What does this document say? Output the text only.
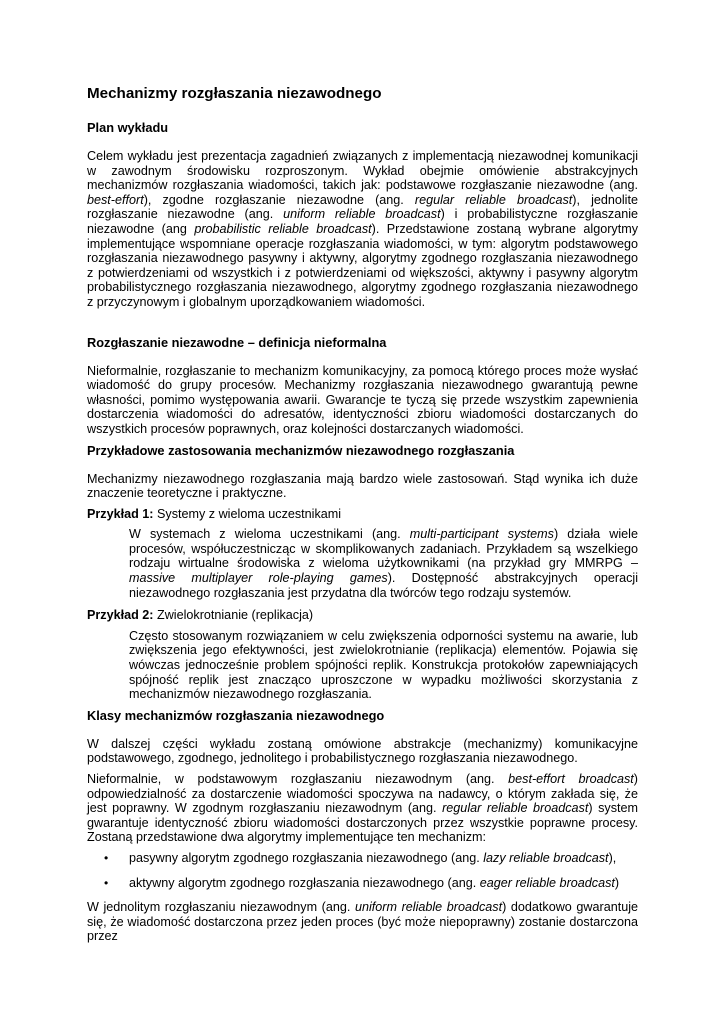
Mechanizmy rozgłaszania niezawodnego
Plan wykładu

Celem wykładu jest prezentacja zagadnień związanych z implementacją niezawodnej komunikacji w zawodnym środowisku rozproszonym. Wykład obejmie omówienie abstrakcyjnych mechanizmów rozgłaszania wiadomości, takich jak: podstawowe rozgłaszanie niezawodne (ang. best-effort), zgodne rozgłaszanie niezawodne (ang. regular reliable broadcast), jednolite rozgłaszanie niezawodne (ang. uniform reliable broadcast) i probabilistyczne rozgłaszanie niezawodne (ang probabilistic reliable broadcast). Przedstawione zostaną wybrane algorytmy implementujące wspomniane operacje rozgłaszania wiadomości, w tym: algorytm podstawowego rozgłaszania niezawodnego pasywny i aktywny, algorytmy zgodnego rozgłaszania niezawodnego z potwierdzeniami od wszystkich i z potwierdzeniami od większości, aktywny i pasywny algorytm probabilistycznego rozgłaszania niezawodnego, algorytmy zgodnego rozgłaszania niezawodnego z przyczynowym i globalnym uporządkowaniem wiadomości.

Rozgłaszanie niezawodne – definicja nieformalna

Nieformalnie, rozgłaszanie to mechanizm komunikacyjny, za pomocą którego proces może wysłać wiadomość do grupy procesów. Mechanizmy rozgłaszania niezawodnego gwarantują pewne własności, pomimo występowania awarii. Gwarancje te tyczą się przede wszystkim zapewnienia dostarczenia wiadomości do adresatów, identyczności zbioru wiadomości dostarczanych do wszystkich procesów poprawnych, oraz kolejności dostarczanych wiadomości.

Przykładowe zastosowania mechanizmów niezawodnego rozgłaszania

Mechanizmy niezawodnego rozgłaszania mają bardzo wiele zastosowań. Stąd wynika ich duże znaczenie teoretyczne i praktyczne.

Przykład 1: Systemy z wieloma uczestnikami

W systemach z wieloma uczestnikami (ang. multi-participant systems) działa wiele procesów, współuczestnicząc w skomplikowanych zadaniach. Przykładem są wszelkiego rodzaju wirtualne środowiska z wieloma użytkownikami (na przykład gry MMRPG – massive multiplayer role-playing games). Dostępność abstrakcyjnych operacji niezawodnego rozgłaszania jest przydatna dla twórców tego rodzaju systemów.

Przykład 2: Zwielokrotnianie (replikacja)

Często stosowanym rozwiązaniem w celu zwiększenia odporności systemu na awarie, lub zwiększenia jego efektywności, jest zwielokrotnianie (replikacja) elementów. Pojawia się wówczas jednocześnie problem spójności replik. Konstrukcja protokołów zapewniających spójność replik jest znacząco uproszczone w wypadku możliwości skorzystania z mechanizmów niezawodnego rozgłaszania.

Klasy mechanizmów rozgłaszania niezawodnego

W dalszej części wykładu zostaną omówione abstrakcje (mechanizmy) komunikacyjne podstawowego, zgodnego, jednolitego i probabilistycznego rozgłaszania niezawodnego.

Nieformalnie, w podstawowym rozgłaszaniu niezawodnym (ang. best-effort broadcast) odpowiedzialność za dostarczenie wiadomości spoczywa na nadawcy, o którym zakłada się, że jest poprawny. W zgodnym rozgłaszaniu niezawodnym (ang. regular reliable broadcast) system gwarantuje identyczność zbioru wiadomości dostarczonych przez wszystkie poprawne procesy. Zostaną przedstawione dwa algorytmy implementujące ten mechanizm:

• pasywny algorytm zgodnego rozgłaszania niezawodnego (ang. lazy reliable broadcast),
• aktywny algorytm zgodnego rozgłaszania niezawodnego (ang. eager reliable broadcast)

W jednolitym rozgłaszaniu niezawodnym (ang. uniform reliable broadcast) dodatkowo gwarantuje się, że wiadomość dostarczona przez jeden proces (być może niepoprawny) zostanie dostarczona przez
